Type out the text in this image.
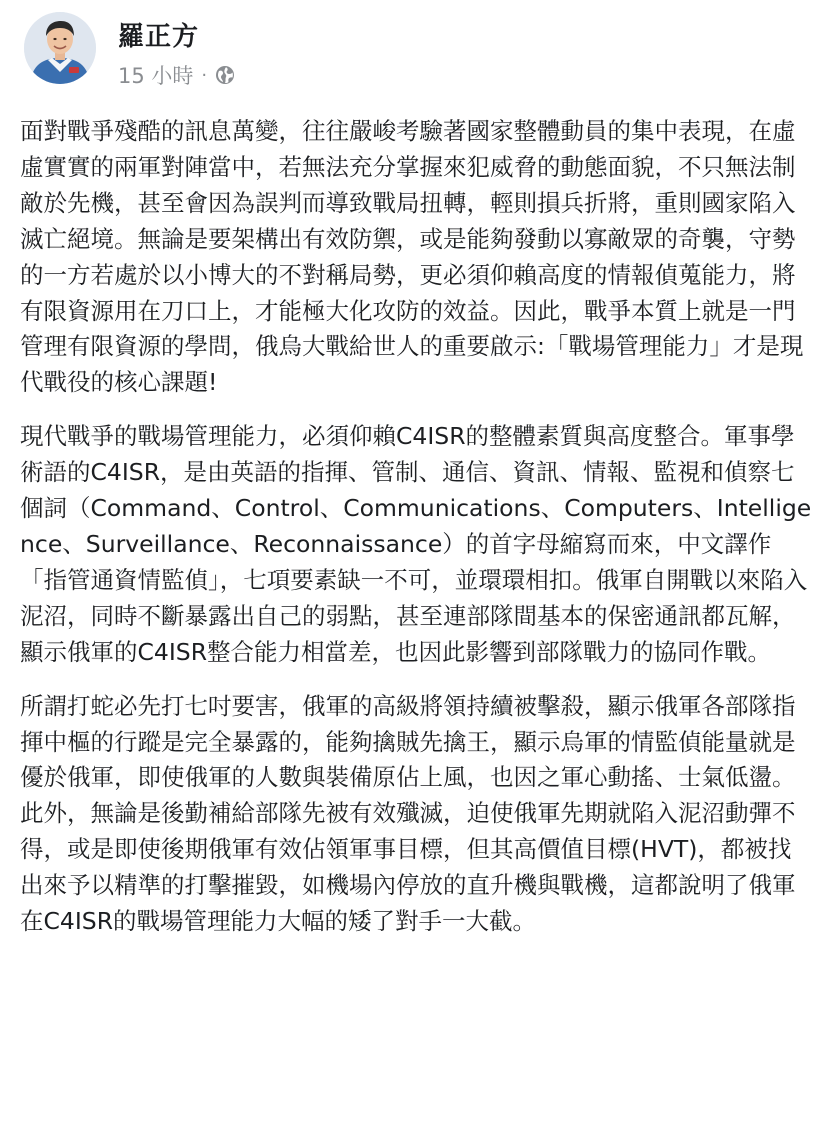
羅正方
15 小時 ·

面對戰爭殘酷的訊息萬變，往往嚴峻考驗著國家整體動員的集中表現，在虛虛實實的兩軍對陣當中，若無法充分掌握來犯威脅的動態面貌，不只無法制敵於先機，甚至會因為誤判而導致戰局扭轉，輕則損兵折將，重則國家陷入滅亡絕境。無論是要架構出有效防禦，或是能夠發動以寡敵眾的奇襲，守勢的一方若處於以小博大的不對稱局勢，更必須仰賴高度的情報偵蒐能力，將有限資源用在刀口上，才能極大化攻防的效益。因此，戰爭本質上就是一門管理有限資源的學問，俄烏大戰給世人的重要啟示:「戰場管理能力」才是現代戰役的核心課題!

現代戰爭的戰場管理能力，必須仰賴C4ISR的整體素質與高度整合。軍事學術語的C4ISR，是由英語的指揮、管制、通信、資訊、情報、監視和偵察七個詞（Command、Control、Communications、Computers、Intelligence、Surveillance、Reconnaissance）的首字母縮寫而來，中文譯作「指管通資情監偵」，七項要素缺一不可，並環環相扣。俄軍自開戰以來陷入泥沼，同時不斷暴露出自己的弱點，甚至連部隊間基本的保密通訊都瓦解，顯示俄軍的C4ISR整合能力相當差，也因此影響到部隊戰力的協同作戰。

所謂打蛇必先打七吋要害，俄軍的高級將領持續被擊殺，顯示俄軍各部隊指揮中樞的行蹤是完全暴露的，能夠擒賊先擒王，顯示烏軍的情監偵能量就是優於俄軍，即使俄軍的人數與裝備原佔上風，也因之軍心動搖、士氣低盪。此外，無論是後勤補給部隊先被有效殲滅，迫使俄軍先期就陷入泥沼動彈不得，或是即使後期俄軍有效佔領軍事目標，但其高價值目標(HVT)，都被找出來予以精準的打擊摧毀，如機場內停放的直升機與戰機，這都說明了俄軍在C4ISR的戰場管理能力大幅的矮了對手一大截。
